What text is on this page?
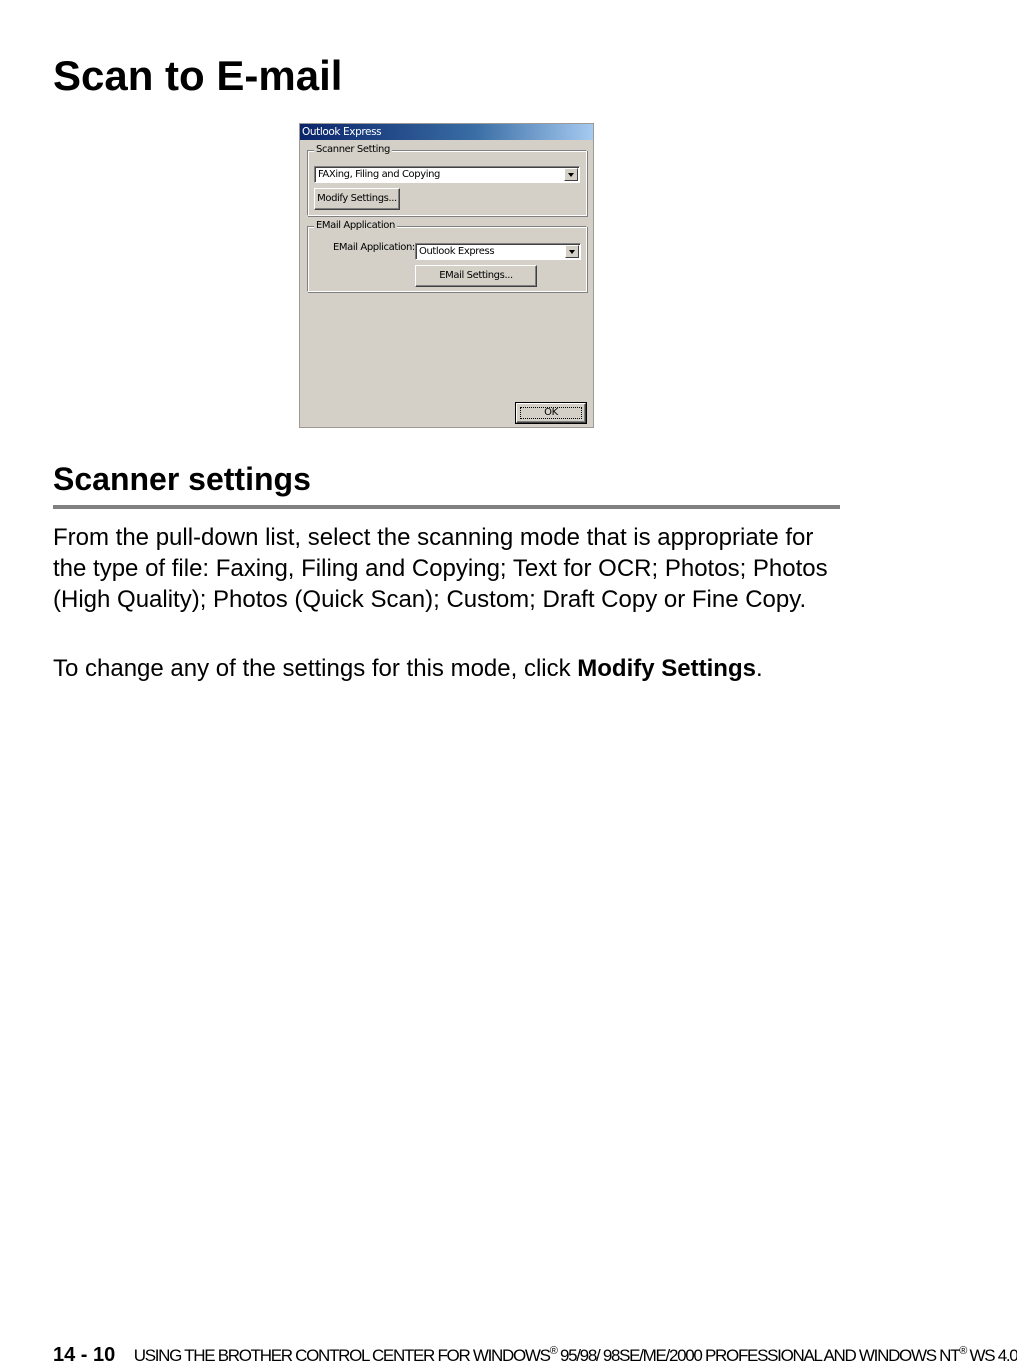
Scan to E-mail
Outlook Express
Scanner Setting
FAXing, Filing and Copying
Modify Settings...
EMail Application
EMail Application: Outlook Express
EMail Settings...
OK
Scanner settings

From the pull-down list, select the scanning mode that is appropriate for the type of file: Faxing, Filing and Copying; Text for OCR; Photos; Photos (High Quality); Photos (Quick Scan); Custom; Draft Copy or Fine Copy.

To change any of the settings for this mode, click Modify Settings.

14 - 10 USING THE BROTHER CONTROL CENTER FOR WINDOWS® 95/98/ 98SE/ME/2000 PROFESSIONAL AND WINDOWS NT® WS 4.0
